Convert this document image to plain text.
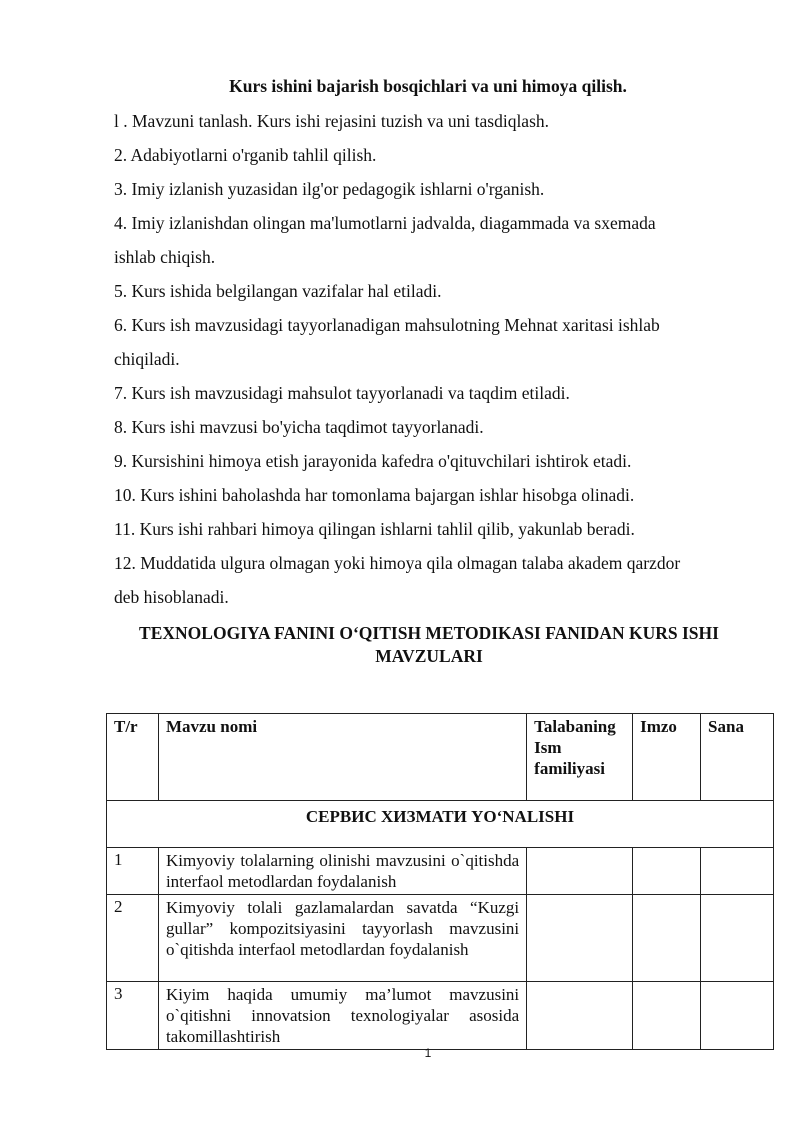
Kurs ishini bajarish bosqichlari va uni himoya qilish.
l . Mavzuni tanlash. Kurs ishi rejasini tuzish va uni tasdiqlash.
2. Adabiyotlarni o'rganib tahlil qilish.
3. Imiy izlanish yuzasidan ilg'or pedagogik ishlarni o'rganish.
4. Imiy izlanishdan olingan ma'lumotlarni jadvalda, diagammada va sxemada
ishlab chiqish.
5. Kurs ishida belgilangan vazifalar hal etiladi.
6. Kurs ish mavzusidagi tayyorlanadigan mahsulotning Mehnat xaritasi ishlab
chiqiladi.
7. Kurs ish mavzusidagi mahsulot tayyorlanadi va taqdim etiladi.
8. Kurs ishi mavzusi bo'yicha taqdimot tayyorlanadi.
9. Kursishini himoya etish jarayonida kafedra o'qituvchilari ishtirok etadi.
10. Kurs ishini baholashda har tomonlama bajargan ishlar hisobga olinadi.
11. Kurs ishi rahbari himoya qilingan ishlarni tahlil qilib, yakunlab beradi.
12. Muddatida ulgura olmagan yoki himoya qila olmagan talaba akadem qarzdor
deb hisoblanadi.
TEXNOLOGIYA FANINI O‘QITISH METODIKASI FANIDAN KURS ISHI MAVZULARI
T/r	Mavzu nomi	Talabaning Ism familiyasi	Imzo	Sana
СЕРВИС ХИЗМАТИ YO‘NALISHI				
1	Kimyoviy tolalarning olinishi mavzusini o`qitishda interfaol metodlardan foydalanish			
2	Kimyoviy tolali gazlamalardan savatda “Kuzgi gullar” kompozitsiyasini tayyorlash mavzusini o`qitishda interfaol metodlardan foydalanish			
3	Kiyim haqida umumiy ma’lumot mavzusini o`qitishni innovatsion texnologiyalar asosida takomillashtirish			
1
